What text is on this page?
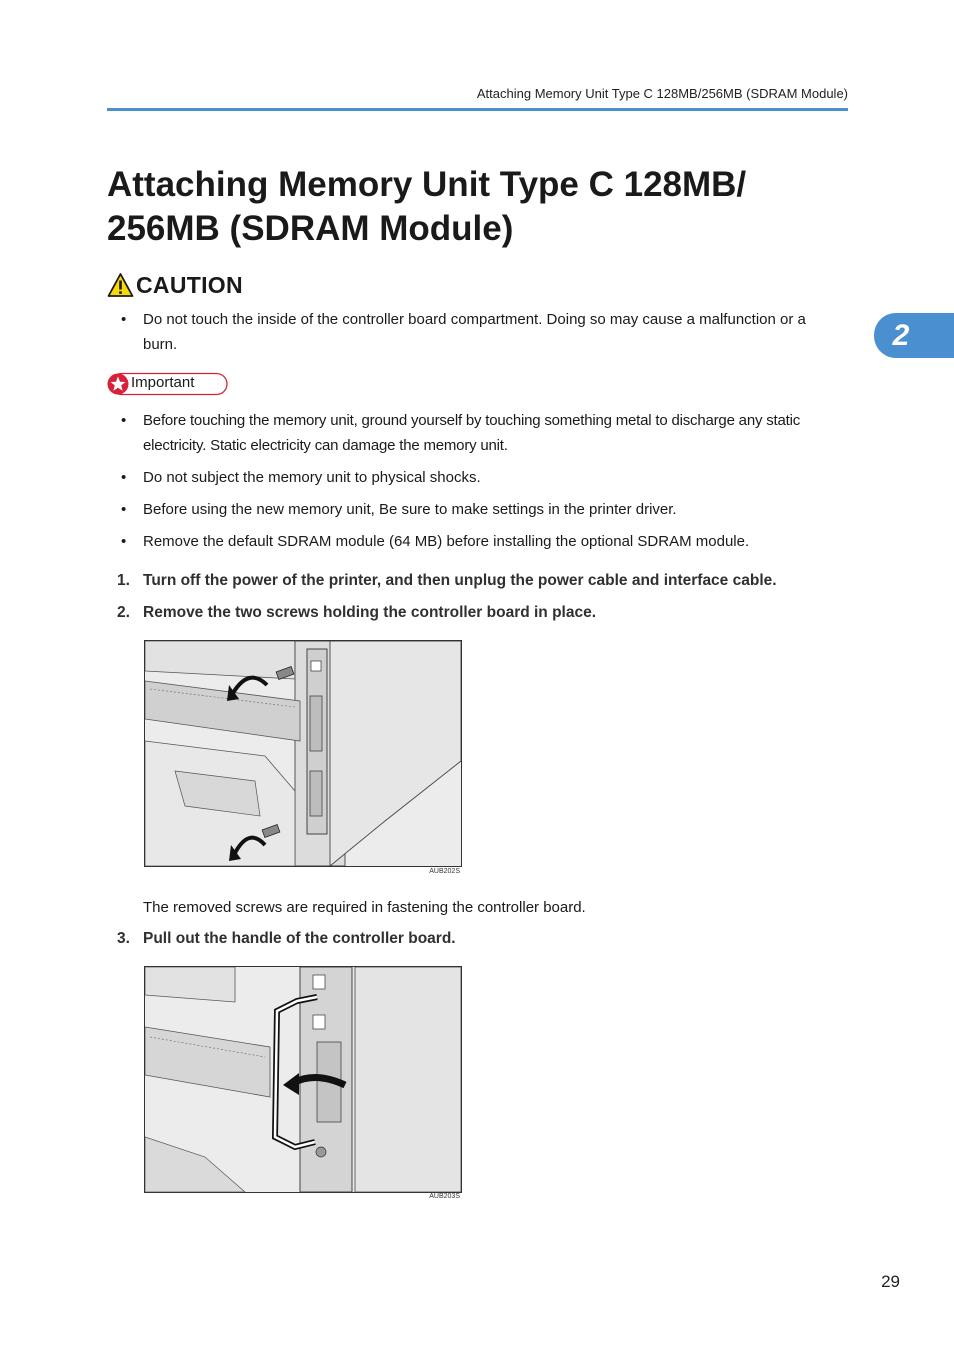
Attaching Memory Unit Type C 128MB/256MB (SDRAM Module)
2
Attaching Memory Unit Type C 128MB/
256MB (SDRAM Module)
CAUTION
• Do not touch the inside of the controller board compartment. Doing so may cause a malfunction or a
burn.
Important
• Before touching the memory unit, ground yourself by touching something metal to discharge any static
electricity. Static electricity can damage the memory unit.
• Do not subject the memory unit to physical shocks.
• Before using the new memory unit, Be sure to make settings in the printer driver.
• Remove the default SDRAM module (64 MB) before installing the optional SDRAM module.
1. Turn off the power of the printer, and then unplug the power cable and interface cable.
2. Remove the two screws holding the controller board in place.
AUB202S
The removed screws are required in fastening the controller board.
3. Pull out the handle of the controller board.
AUB203S
29
